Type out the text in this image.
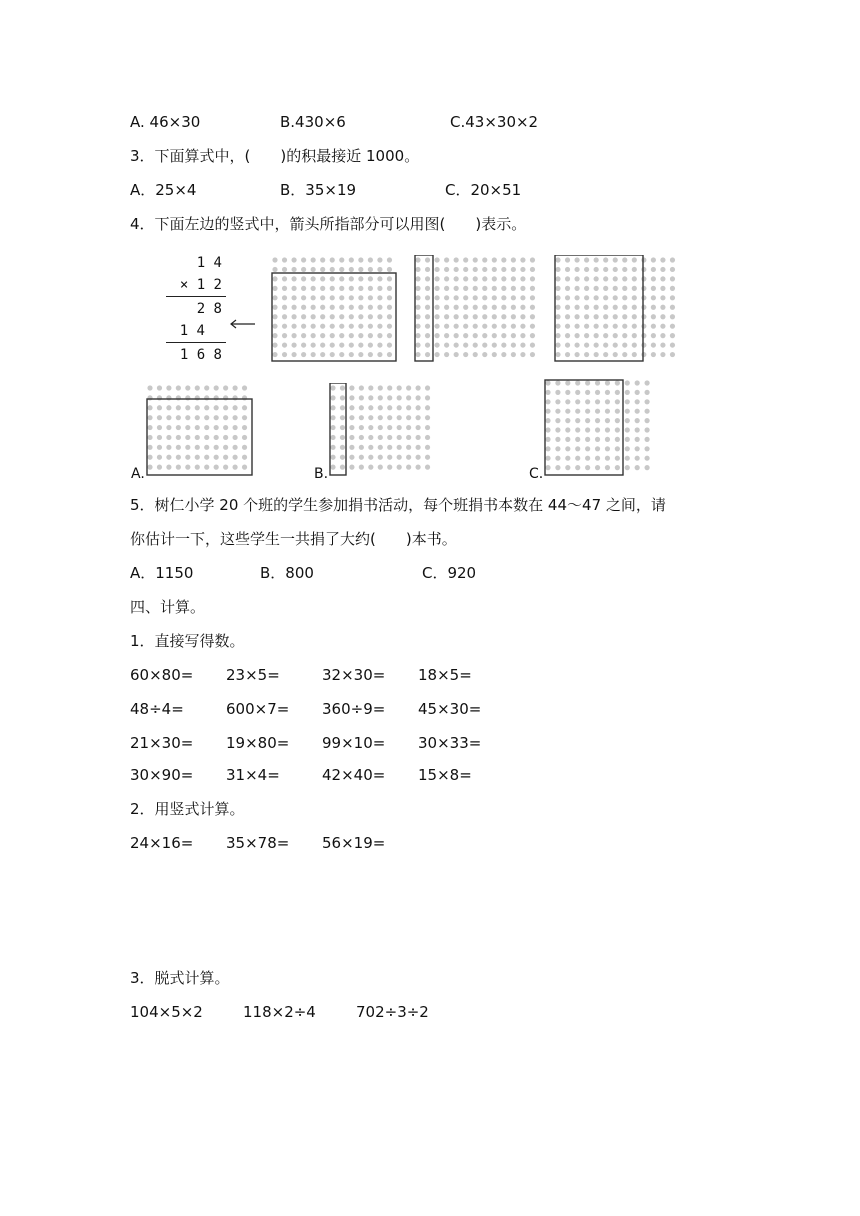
A. 46×30	B.430×6	C.43×30×2
3．下面算式中，(　　)的积最接近 1000。
A．25×4	B．35×19	C．20×51
4．下面左边的竖式中，箭头所指部分可以用图(　　)表示。
1 4
× 1 2
2 8
1 4
1 6 8
A.	B.	C.
5．树仁小学 20 个班的学生参加捐书活动，每个班捐书本数在 44～47 之间，请
你估计一下，这些学生一共捐了大约(　　)本书。
A．1150	B．800	C．920
四、计算。
1．直接写得数。
60×80= 23×5=	32×30= 18×5=
48÷4=	600×7= 360÷9= 45×30=
21×30= 19×80= 99×10= 30×33=
30×90= 31×4=	42×40= 15×8=
2．用竖式计算。
24×16= 35×78= 56×19=
3．脱式计算。
104×5×2	118×2÷4	702÷3÷2
